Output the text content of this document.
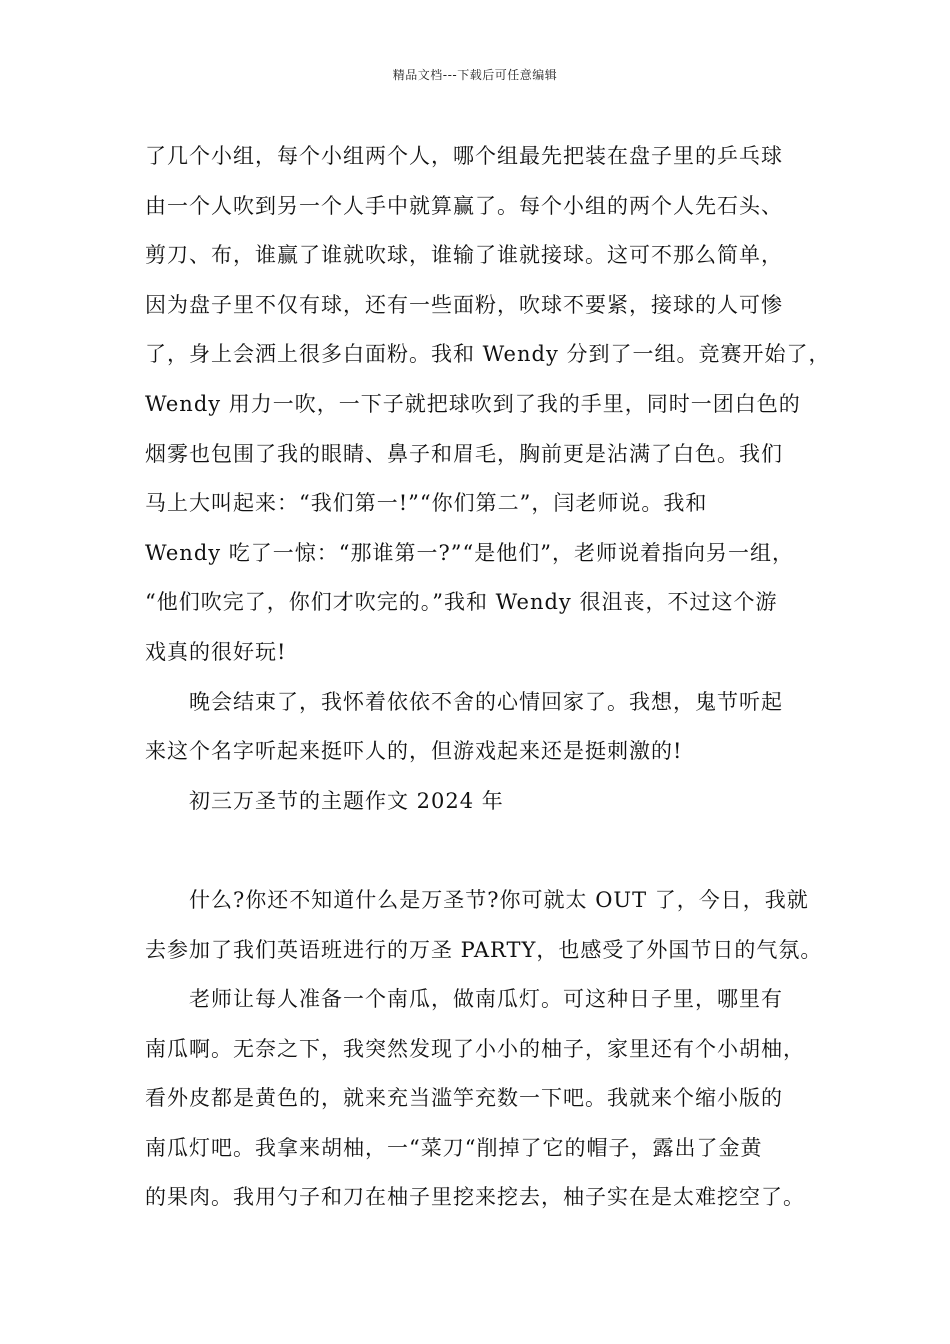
精品文档---下载后可任意编辑
了几个小组，每个小组两个人，哪个组最先把装在盘子里的乒乓球
由一个人吹到另一个人手中就算赢了。每个小组的两个人先石头、
剪刀、布，谁赢了谁就吹球，谁输了谁就接球。这可不那么简单，
因为盘子里不仅有球，还有一些面粉，吹球不要紧，接球的人可惨
了，身上会洒上很多白面粉。我和 Wendy 分到了一组。竞赛开始了，
Wendy 用力一吹，一下子就把球吹到了我的手里，同时一团白色的
烟雾也包围了我的眼睛、鼻子和眉毛，胸前更是沾满了白色。我们
马上大叫起来：“我们第一!”“你们第二”，闫老师说。我和
Wendy 吃了一惊：“那谁第一?”“是他们”，老师说着指向另一组，
“他们吹完了，你们才吹完的。”我和 Wendy 很沮丧，不过这个游
戏真的很好玩!
晚会结束了，我怀着依依不舍的心情回家了。我想，鬼节听起
来这个名字听起来挺吓人的，但游戏起来还是挺刺激的!
初三万圣节的主题作文 2024 年
什么?你还不知道什么是万圣节?你可就太 OUT 了，今日，我就
去参加了我们英语班进行的万圣 PARTY，也感受了外国节日的气氛。
老师让每人准备一个南瓜，做南瓜灯。可这种日子里，哪里有
南瓜啊。无奈之下，我突然发现了小小的柚子，家里还有个小胡柚，
看外皮都是黄色的，就来充当滥竽充数一下吧。我就来个缩小版的
南瓜灯吧。我拿来胡柚，一“菜刀“削掉了它的帽子，露出了金黄
的果肉。我用勺子和刀在柚子里挖来挖去，柚子实在是太难挖空了。
